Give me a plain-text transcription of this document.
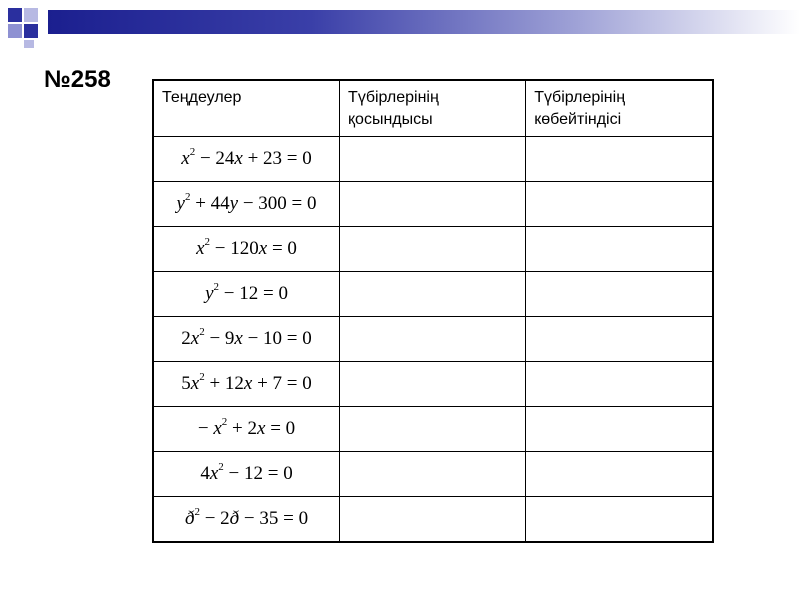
№258
Теңдеулер	Түбірлерінің қосындысы	Түбірлерінің көбейтіндісі
$x^2 - 24x + 23 = 0$		
$y^2 + 44y - 300 = 0$		
$x^2 - 120x = 0$		
$y^2 - 12 = 0$		
$2x^2 - 9x - 10 = 0$		
$5x^2 + 12x + 7 = 0$		
− $x^2 + 2x = 0$		
$4x^2 - 12 = 0$		
$ð^2$ − 2ð − 35 = 0		
